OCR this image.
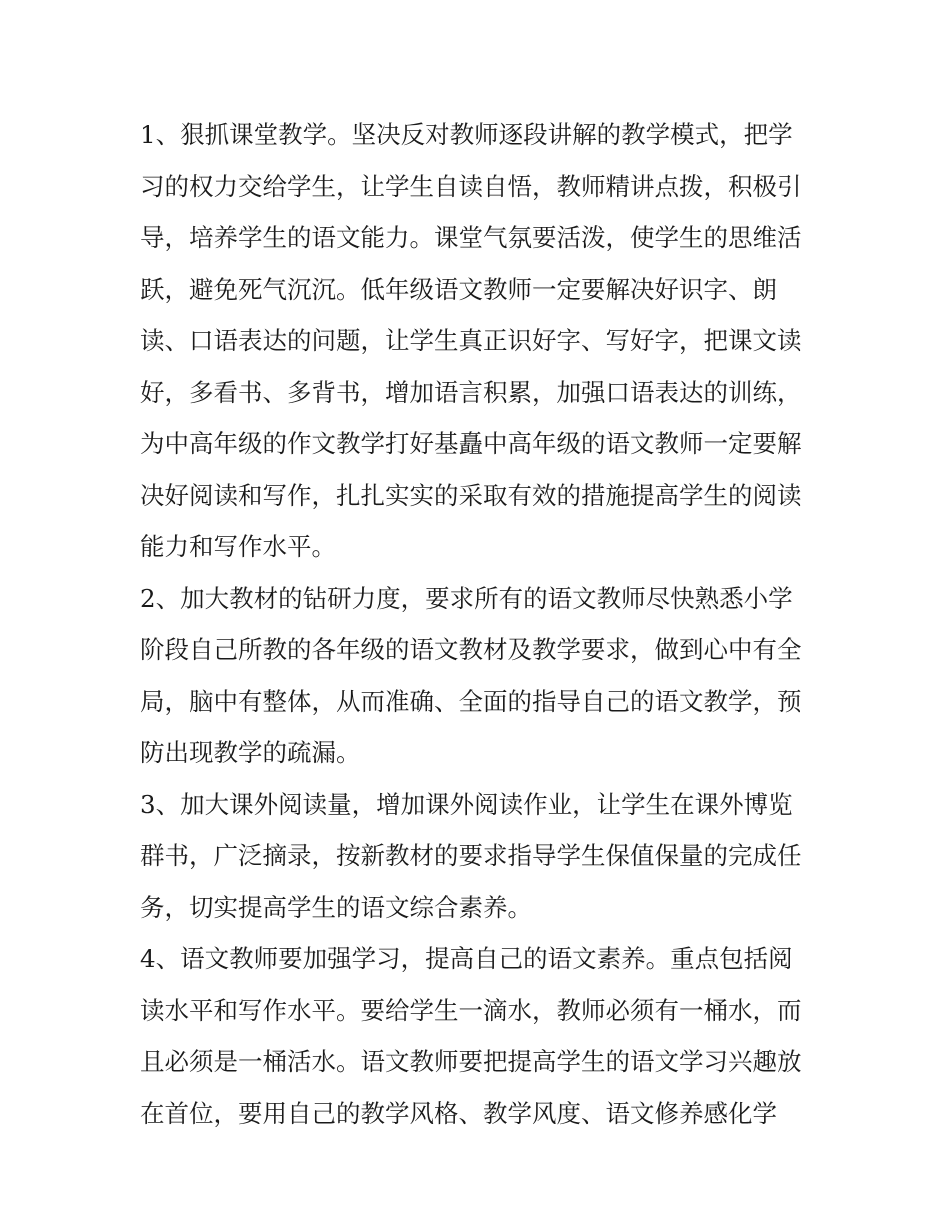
1、狠抓课堂教学。坚决反对教师逐段讲解的教学模式，把学
习的权力交给学生，让学生自读自悟，教师精讲点拨，积极引
导，培养学生的语文能力。课堂气氛要活泼，使学生的思维活
跃，避免死气沉沉。低年级语文教师一定要解决好识字、朗
读、口语表达的问题，让学生真正识好字、写好字，把课文读
好，多看书、多背书，增加语言积累，加强口语表达的训练，
为中高年级的作文教学打好基矗中高年级的语文教师一定要解
决好阅读和写作，扎扎实实的采取有效的措施提高学生的阅读
能力和写作水平。
2、加大教材的钻研力度，要求所有的语文教师尽快熟悉小学
阶段自己所教的各年级的语文教材及教学要求，做到心中有全
局，脑中有整体，从而准确、全面的指导自己的语文教学，预
防出现教学的疏漏。
3、加大课外阅读量，增加课外阅读作业，让学生在课外博览
群书，广泛摘录，按新教材的要求指导学生保值保量的完成任
务，切实提高学生的语文综合素养。
4、语文教师要加强学习，提高自己的语文素养。重点包括阅
读水平和写作水平。要给学生一滴水，教师必须有一桶水，而
且必须是一桶活水。语文教师要把提高学生的语文学习兴趣放
在首位，要用自己的教学风格、教学风度、语文修养感化学
